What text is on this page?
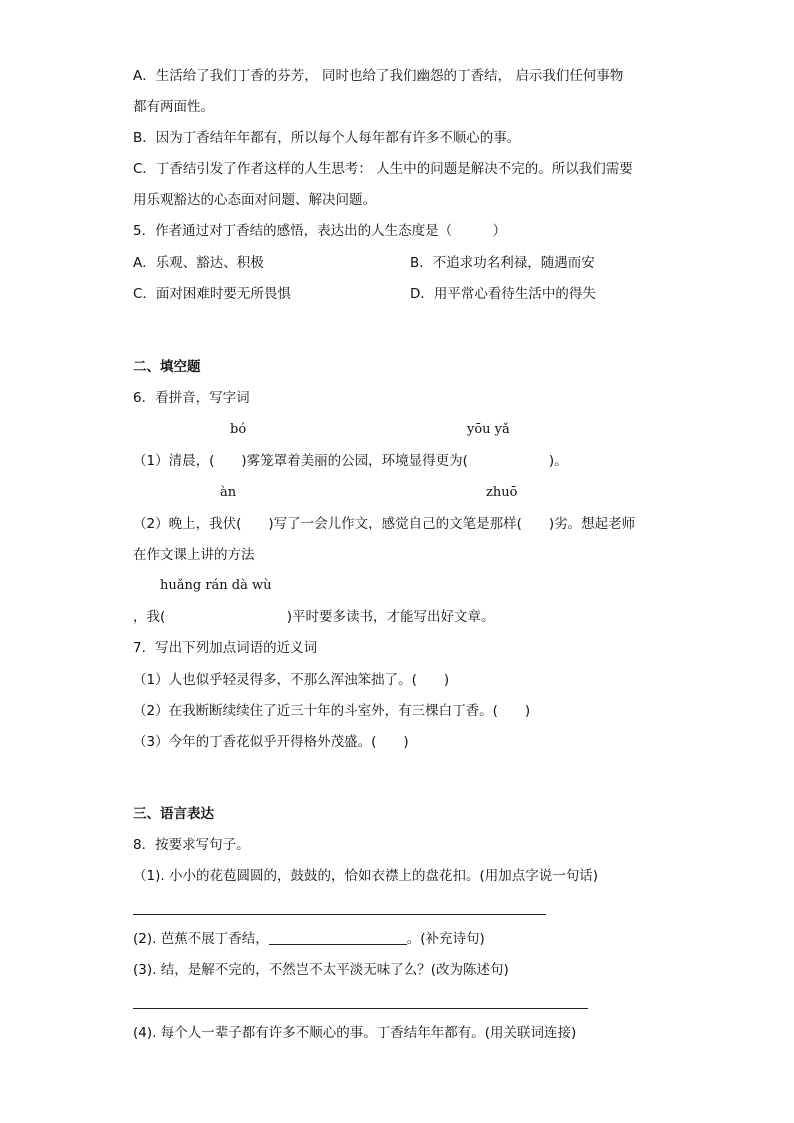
A．生活给了我们丁香的芬芳， 同时也给了我们幽怨的丁香结， 启示我们任何事物
都有两面性。
B．因为丁香结年年都有，所以每个人每年都有许多不顺心的事。
C．丁香结引发了作者这样的人生思考： 人生中的问题是解决不完的。所以我们需要
用乐观豁达的心态面对问题、解决问题。
5．作者通过对丁香结的感悟，表达出的人生态度是（　　　）
A．乐观、豁达、积极	B．不追求功名利禄，随遇而安
C．面对困难时要无所畏惧	D．用平常心看待生活中的得失
二、填空题
6．看拼音，写字词
bó	yōu yǎ
（1）清晨，(　　)雾笼罩着美丽的公园，环境显得更为(　　　　　　)。
àn	zhuō
（2）晚上，我伏(　　)写了一会儿作文，感觉自己的文笔是那样(　　)劣。想起老师
在作文课上讲的方法
huǎng rán dà wù
，我(　　　　　　　　　)平时要多读书，才能写出好文章。
7．写出下列加点词语的近义词
（1）人也似乎轻灵得多，不那么浑浊笨拙了。(　　)
（2）在我断断续续住了近三十年的斗室外，有三棵白丁香。(　　)
（3）今年的丁香花似乎开得格外茂盛。(　　)
三、语言表达
8．按要求写句子。
（1). 小小的花苞圆圆的，鼓鼓的，恰如衣襟上的盘花扣。(用加点字说一句话)
(2). 芭蕉不展丁香结，	。(补充诗句)
(3). 结，是解不完的，不然岂不太平淡无味了么？(改为陈述句)
(4). 每个人一辈子都有许多不顺心的事。丁香结年年都有。(用关联词连接)
